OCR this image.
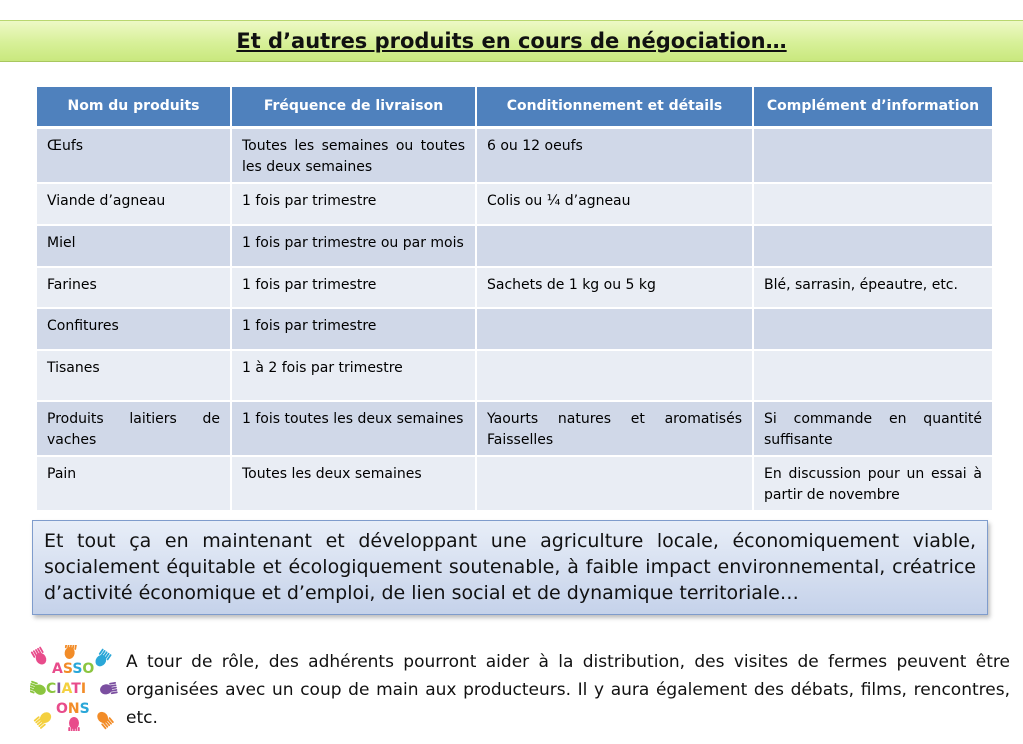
Et d’autres produits en cours de négociation…
Nom du produits	Fréquence de livraison	Conditionnement et détails	Complément d’information
Œufs	Toutes les semaines ou toutes les deux semaines	6 ou 12 oeufs	
Viande d’agneau	1 fois par trimestre	Colis ou ¼ d’agneau	
Miel	1 fois par trimestre ou par mois		
Farines	1 fois par trimestre	Sachets de 1 kg ou 5 kg	Blé, sarrasin, épeautre, etc.
Confitures	1 fois par trimestre		
Tisanes	1 à 2 fois par trimestre		
Produits laitiers de vaches	1 fois toutes les deux semaines	Yaourts natures et aromatisés Faisselles	Si commande en quantité suffisante
Pain	Toutes les deux semaines		En discussion pour un essai à partir de novembre

Et tout ça en maintenant et développant une agriculture locale, économiquement viable, socialement équitable et écologiquement soutenable, à faible impact environnemental, créatrice d’activité économique et d’emploi, de lien social et de dynamique territoriale…

ASSO
CIATI
ONS

A tour de rôle, des adhérents pourront aider à la distribution, des visites de fermes peuvent être organisées avec un coup de main aux producteurs. Il y aura également des débats, films, rencontres, etc.
